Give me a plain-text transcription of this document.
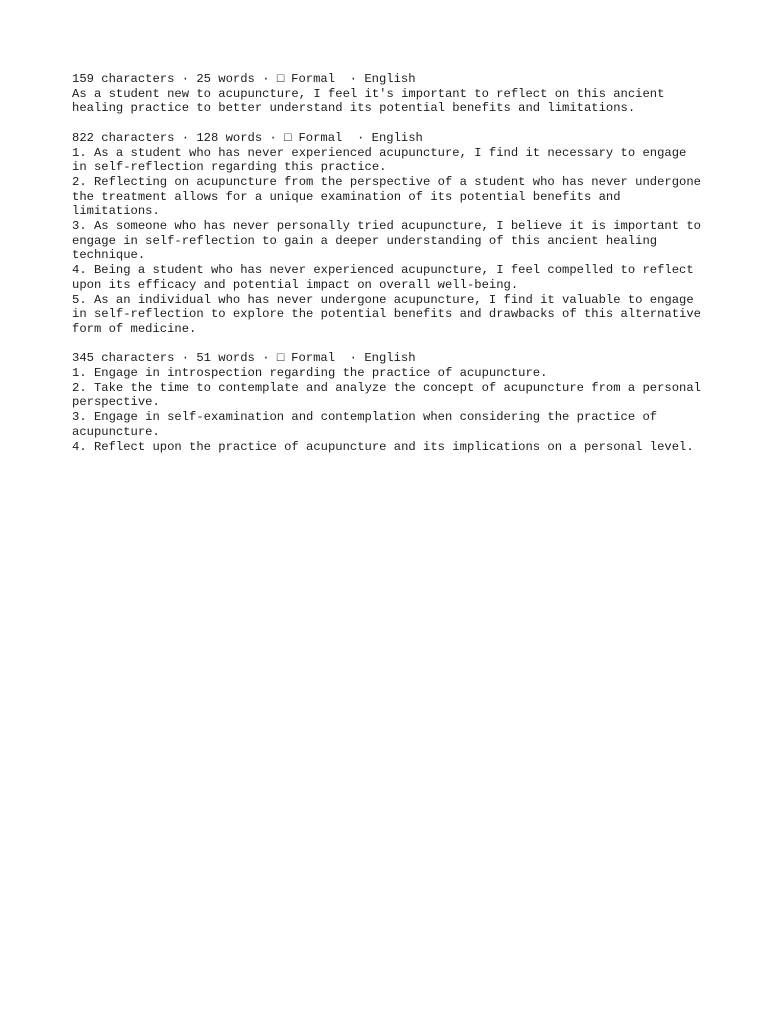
159 characters · 25 words · □ Formal  · English
As a student new to acupuncture, I feel it's important to reflect on this ancient healing practice to better understand its potential benefits and limitations.
822 characters · 128 words · □ Formal  · English
1. As a student who has never experienced acupuncture, I find it necessary to engage in self-reflection regarding this practice.
2. Reflecting on acupuncture from the perspective of a student who has never undergone the treatment allows for a unique examination of its potential benefits and limitations.
3. As someone who has never personally tried acupuncture, I believe it is important to engage in self-reflection to gain a deeper understanding of this ancient healing technique.
4. Being a student who has never experienced acupuncture, I feel compelled to reflect upon its efficacy and potential impact on overall well-being.
5. As an individual who has never undergone acupuncture, I find it valuable to engage in self-reflection to explore the potential benefits and drawbacks of this alternative form of medicine.
345 characters · 51 words · □ Formal  · English
1. Engage in introspection regarding the practice of acupuncture.
2. Take the time to contemplate and analyze the concept of acupuncture from a personal perspective.
3. Engage in self-examination and contemplation when considering the practice of acupuncture.
4. Reflect upon the practice of acupuncture and its implications on a personal level.
